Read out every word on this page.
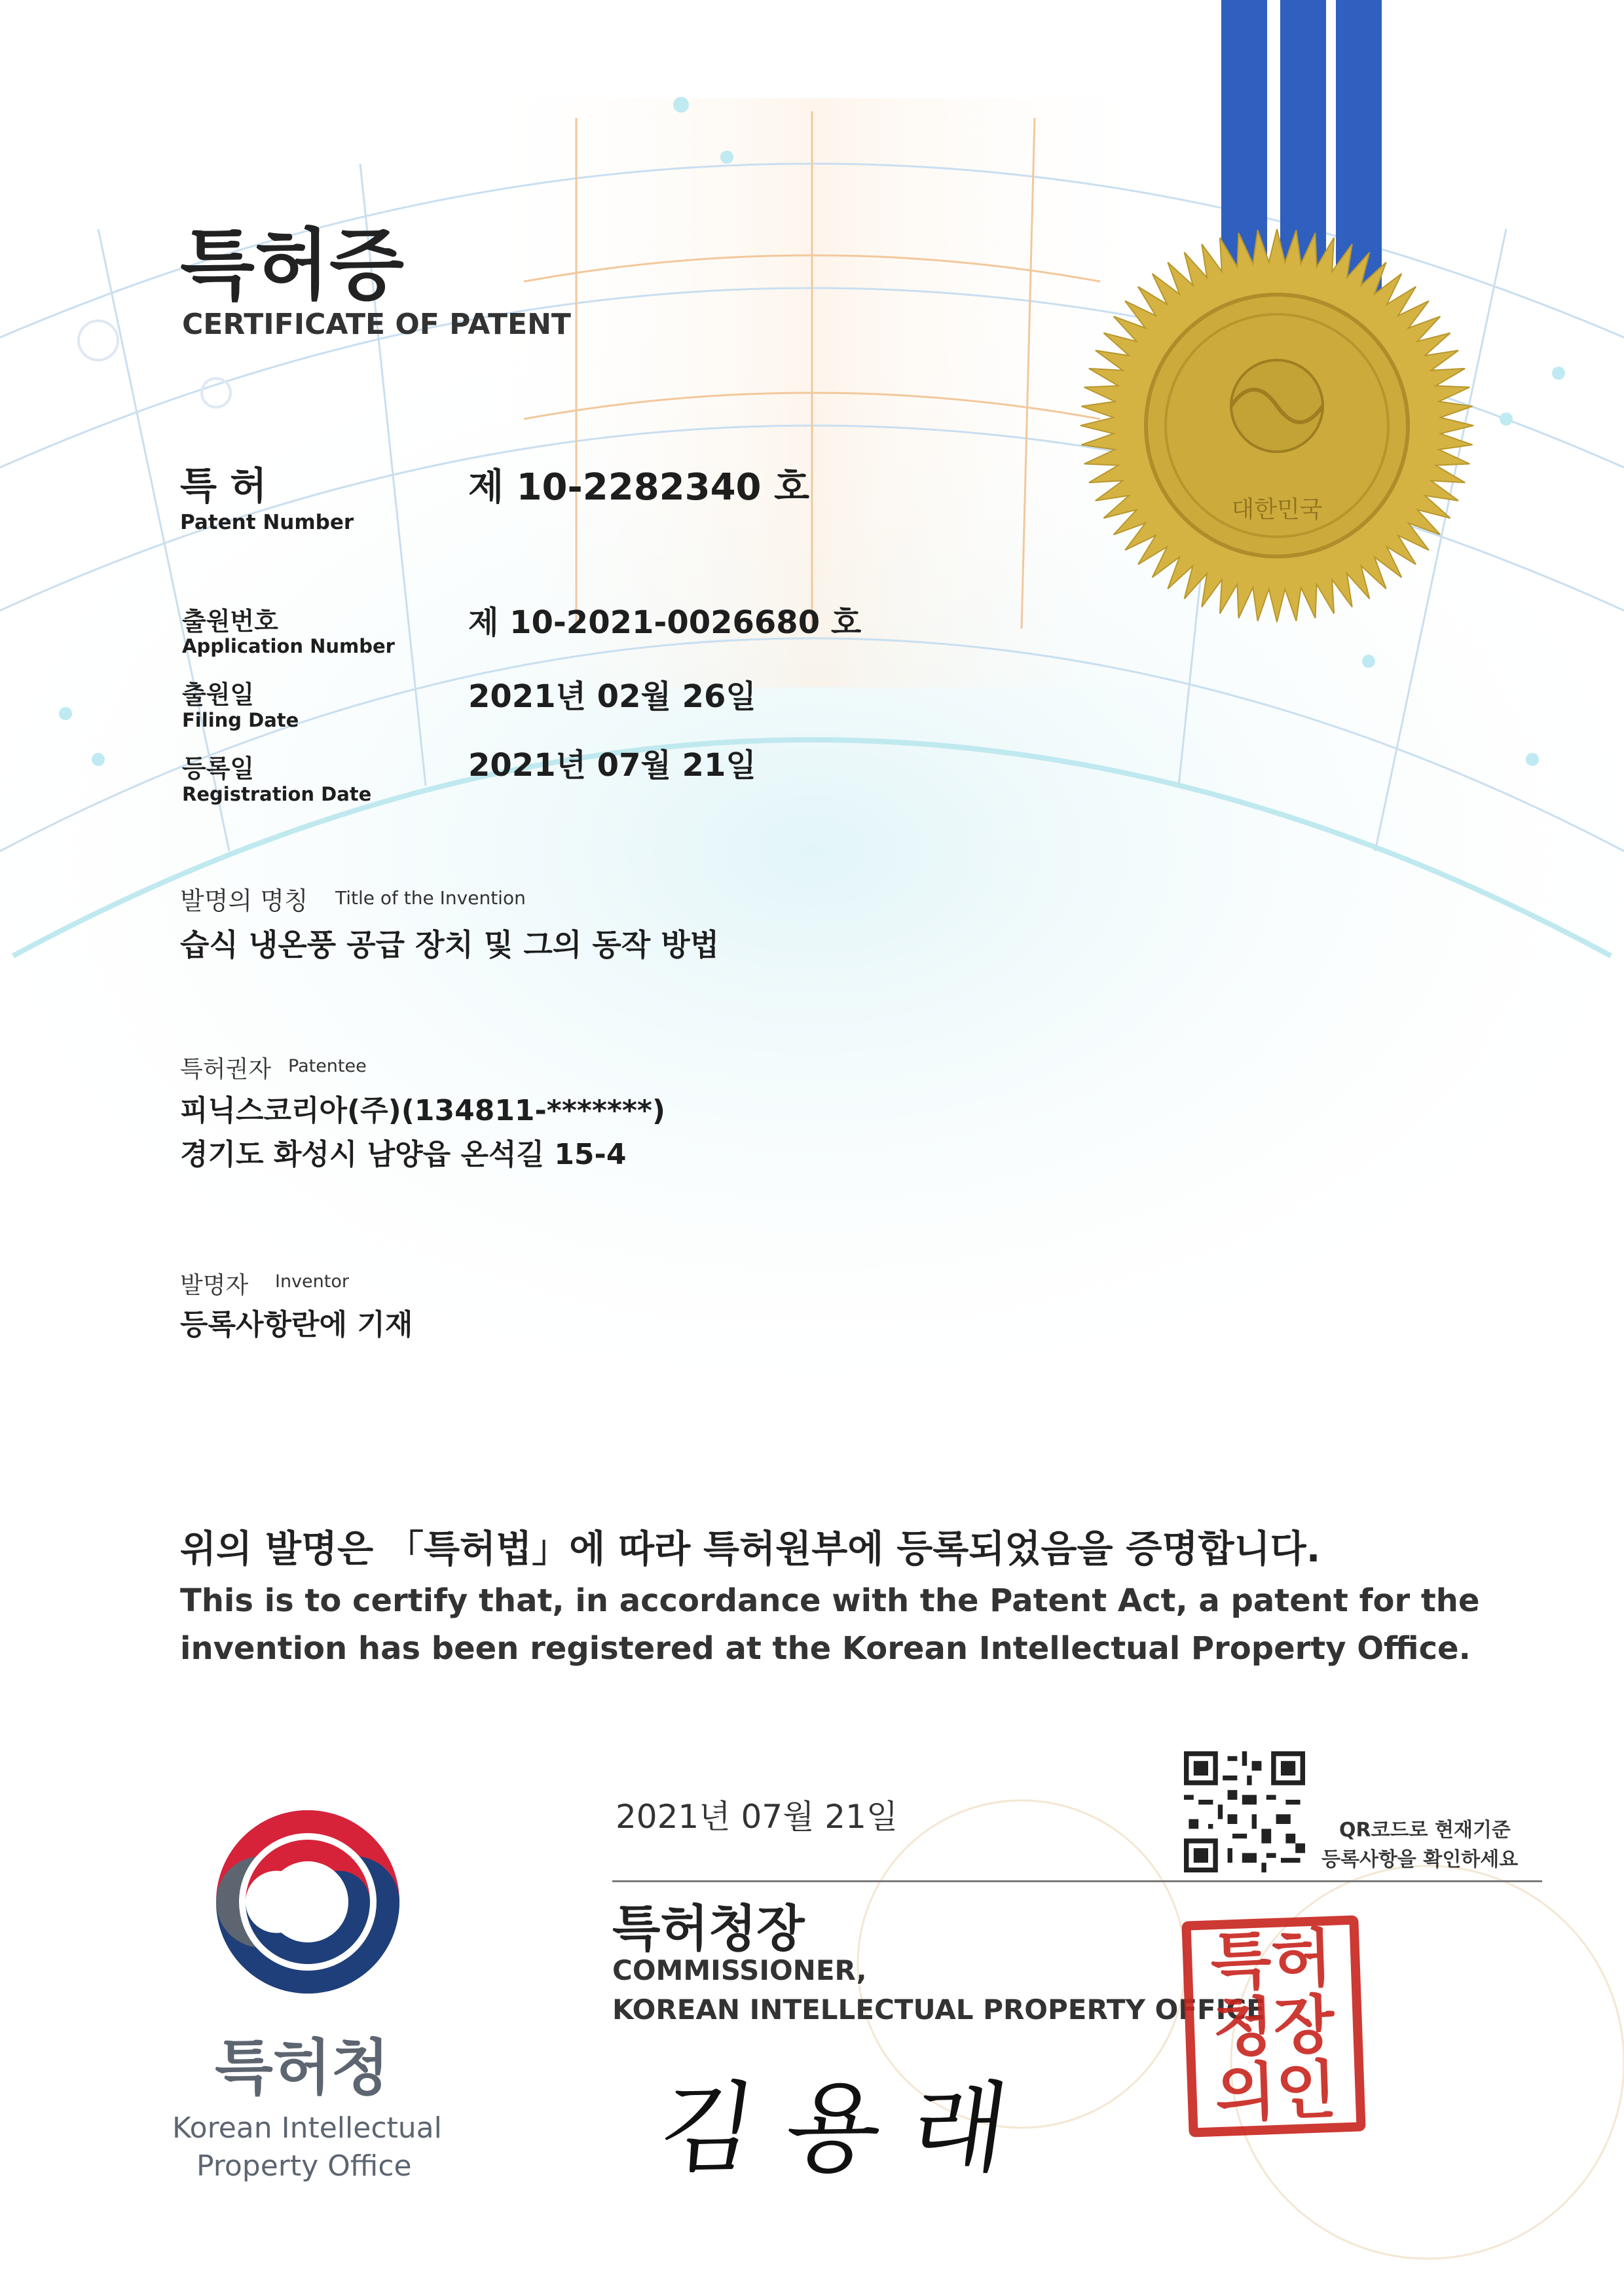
대한민국
특허증
CERTIFICATE OF PATENT
특 허
Patent Number
제 10-2282340 호
출원번호
Application Number
제 10-2021-0026680 호
출원일
Filing Date
2021년 02월 26일
등록일
Registration Date
2021년 07월 21일
발명의 명칭 Title of the Invention
습식 냉온풍 공급 장치 및 그의 동작 방법
특허권자 Patentee
피닉스코리아(주)(134811-*******)
경기도 화성시 남양읍 온석길 15-4
발명자 Inventor
등록사항란에 기재
위의 발명은 「특허법」에 따라 특허원부에 등록되었음을 증명합니다.
This is to certify that, in accordance with the Patent Act, a patent for the
invention has been registered at the Korean Intellectual Property Office.
2021년 07월 21일	QR코드로 현재기준
등록사항을 확인하세요
특허청장
COMMISSIONER,
KOREAN INTELLECTUAL PROPERTY OFFICE
김 용 래
특허청장의인
특허청
Korean Intellectual
Property Office
